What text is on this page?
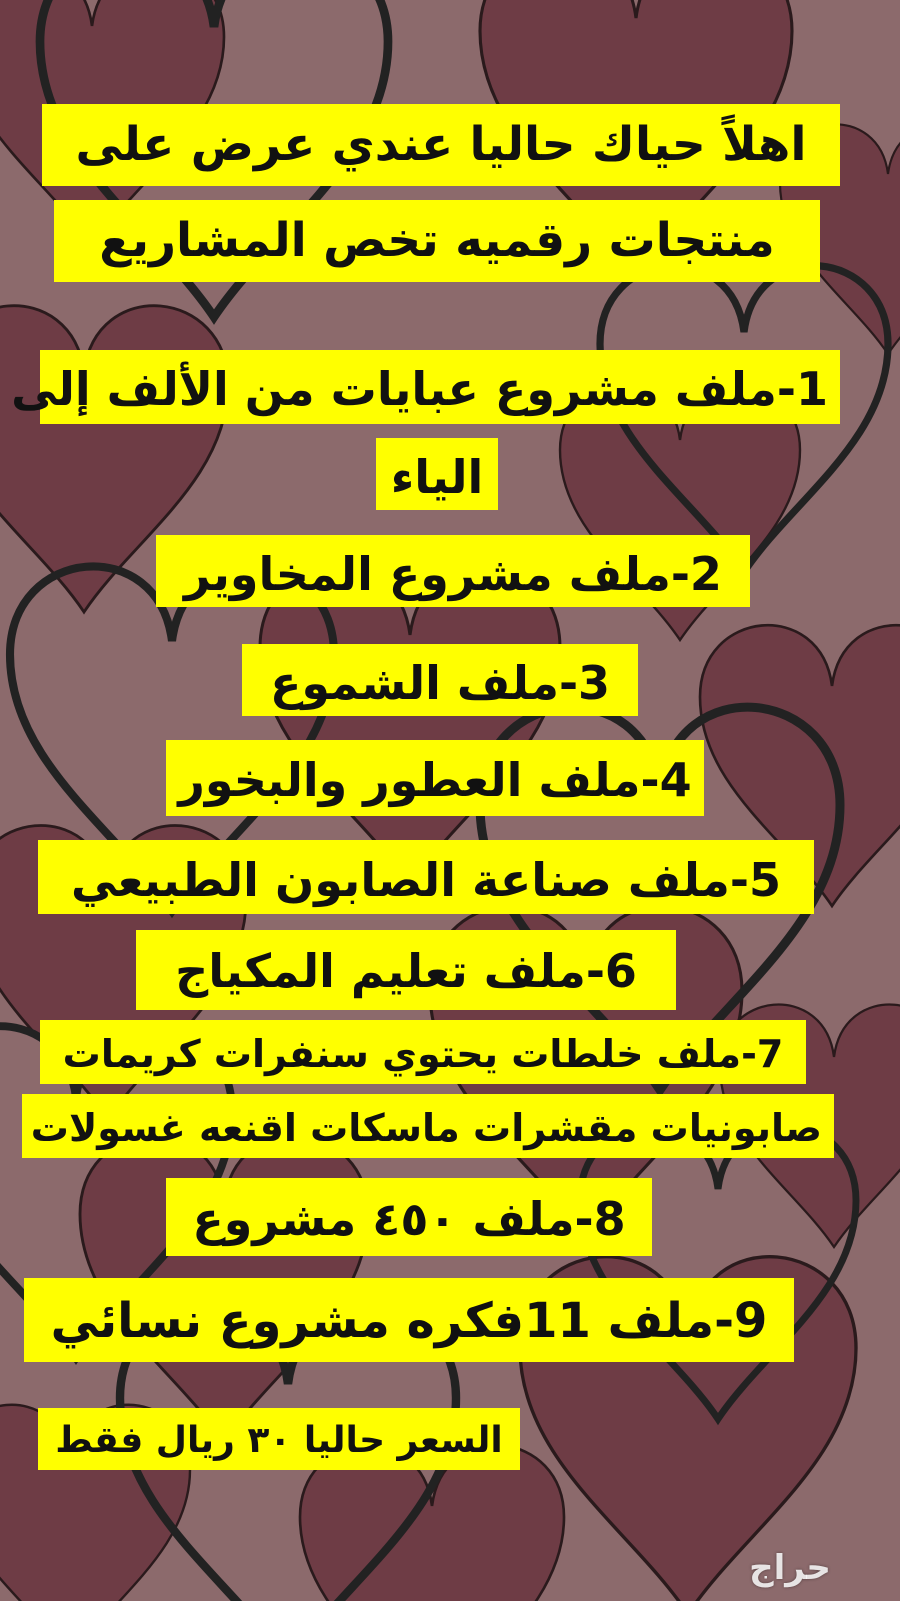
اهلاً حياك حاليا عندي عرض على
منتجات رقميه تخص المشاريع
1-ملف مشروع عبايات من الألف إلى
الياء
2-ملف مشروع المخاوير
3-ملف الشموع
4-ملف العطور والبخور
5-ملف صناعة الصابون الطبيعي
6-ملف تعليم المكياج
7-ملف خلطات يحتوي سنفرات كريمات
صابونيات مقشرات ماسكات اقنعه غسولات
8-ملف ٤٥٠ مشروع
9-ملف 11فكره مشروع نسائي
السعر حاليا ٣٠ ريال فقط
حراج
